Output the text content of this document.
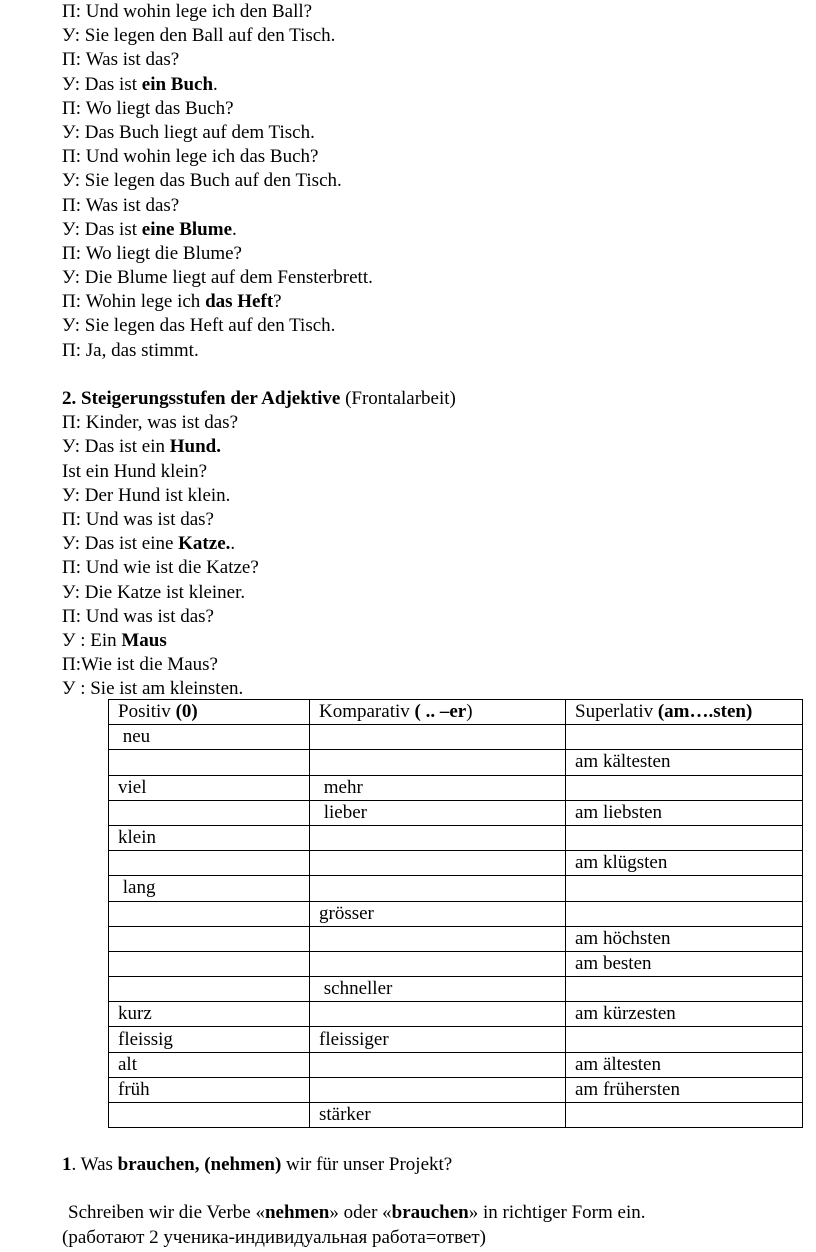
П: Und wohin lege ich den Ball?
У: Sie legen den Ball auf den Tisch.
П: Was ist das?
У: Das ist ein Buch.
П: Wo liegt das Buch?
У: Das Buch liegt auf dem Tisch.
П: Und wohin lege ich das Buch?
У: Sie legen das Buch auf den Tisch.
П: Was ist das?
У: Das ist eine Blume.
П: Wo liegt die Blume?
У: Die Blume liegt auf dem Fensterbrett.
П: Wohin lege ich das Heft?
У: Sie legen das Heft auf den Tisch.
П: Ja, das stimmt.
2. Steigerungsstufen der Adjektive (Frontalarbeit)
П: Kinder, was ist das?
У: Das ist ein Hund.
Ist ein Hund klein?
У: Der Hund ist klein.
П: Und was ist das?
У: Das ist eine Katze..
П: Und wie ist die Katze?
У: Die Katze ist kleiner.
П: Und was ist das?
У : Ein Maus
П:Wie ist die Maus?
У : Sie ist am kleinsten.
Positiv (0)	Komparativ ( .. –er)	Superlativ (am….sten)
neu		
		am kältesten
viel	mehr	
	lieber	am liebsten
klein		
		am klügsten
lang		
	grösser	
		am höchsten
		am besten
	schneller	
kurz		am kürzesten
fleissig	fleissiger	
alt		am ältesten
früh		am frühersten
	stärker	
1. Was brauchen, (nehmen) wir für unser Projekt?
Schreiben wir die Verbe «nehmen» oder «brauchen» in richtiger Form ein.
(работают 2 ученика-индивидуальная работа=ответ)
